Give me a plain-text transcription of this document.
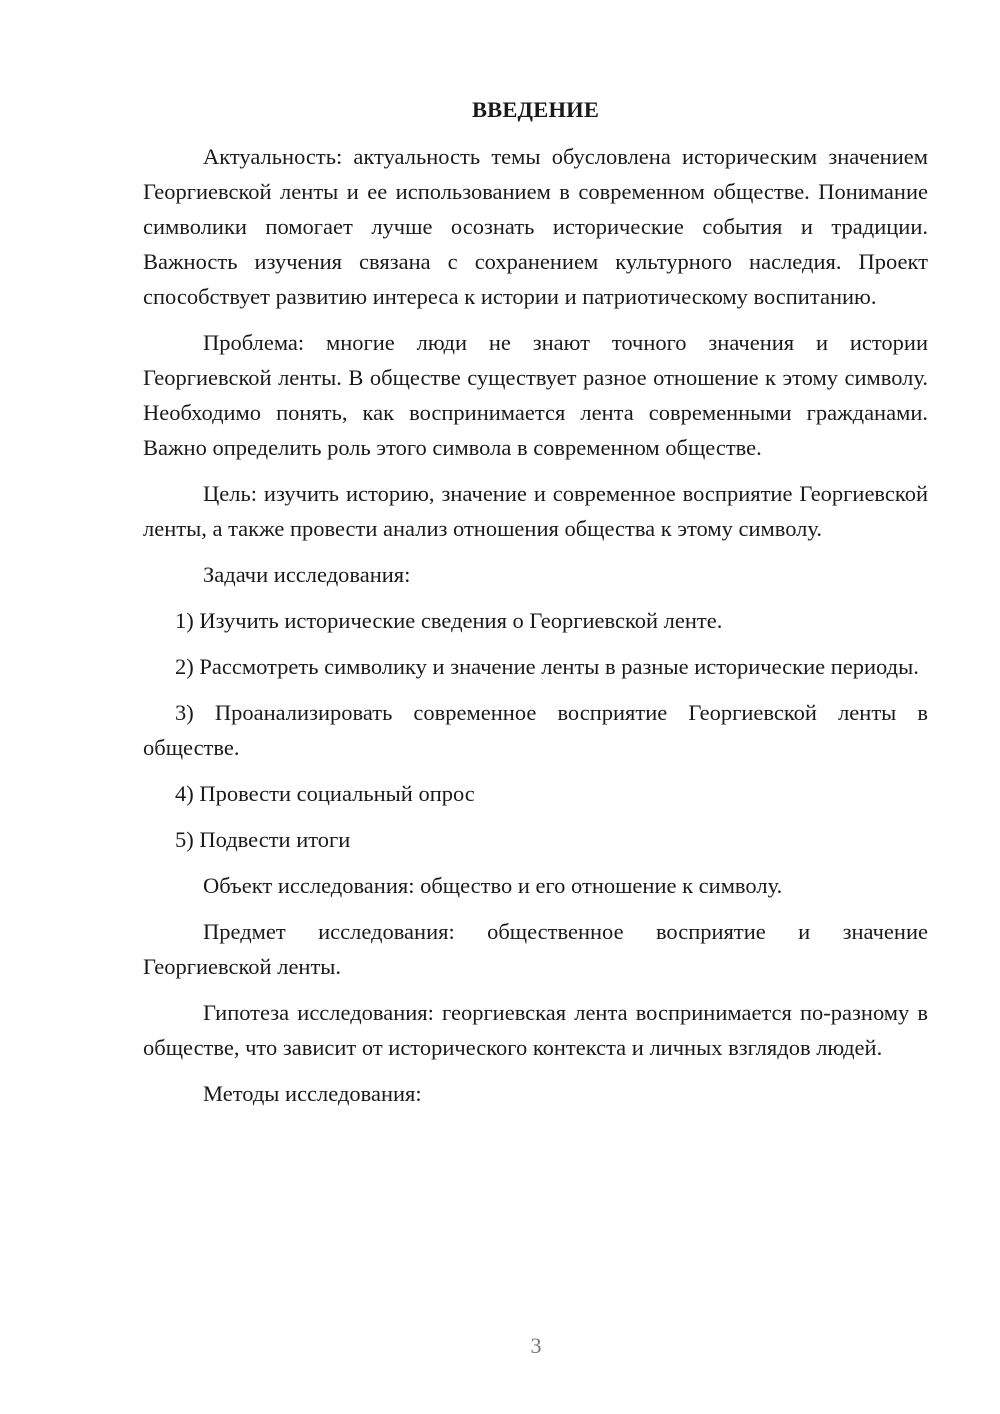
ВВЕДЕНИЕ

Актуальность: актуальность темы обусловлена историческим значением Георгиевской ленты и ее использованием в современном обществе. Понимание символики помогает лучше осознать исторические события и традиции. Важность изучения связана с сохранением культурного наследия. Проект способствует развитию интереса к истории и патриотическому воспитанию.

Проблема: многие люди не знают точного значения и истории Георгиевской ленты. В обществе существует разное отношение к этому символу. Необходимо понять, как воспринимается лента современными гражданами. Важно определить роль этого символа в современном обществе.

Цель: изучить историю, значение и современное восприятие Георгиевской ленты, а также провести анализ отношения общества к этому символу.

Задачи исследования:

1) Изучить исторические сведения о Георгиевской ленте.

2) Рассмотреть символику и значение ленты в разные исторические периоды.

3) Проанализировать современное восприятие Георгиевской ленты в обществе.

4) Провести социальный опрос

5) Подвести итоги

Объект исследования: общество и его отношение к символу.

Предмет исследования: общественное восприятие и значение Георгиевской ленты.

Гипотеза исследования: георгиевская лента воспринимается по-разному в обществе, что зависит от исторического контекста и личных взглядов людей.

Методы исследования:

3
